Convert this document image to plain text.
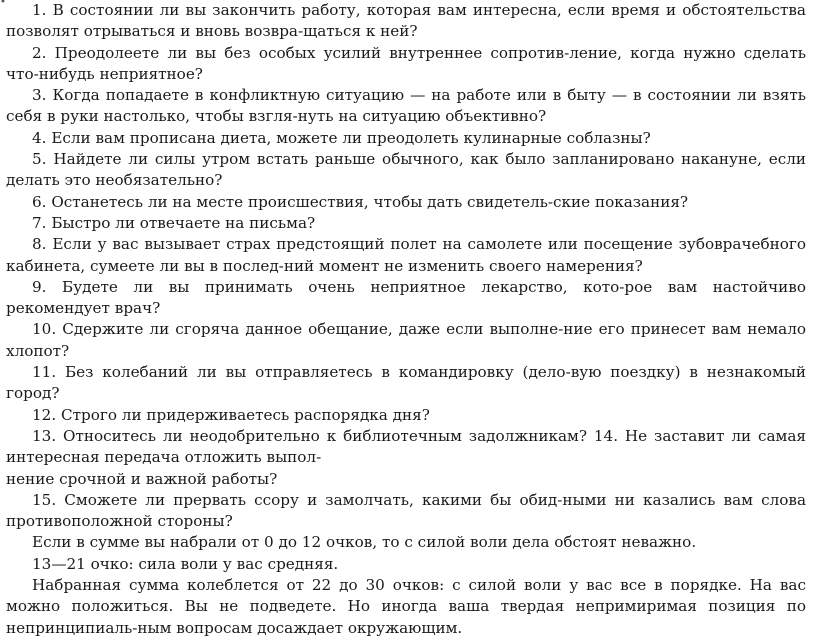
•	1. В состоянии ли вы закончить работу, которая вам интересна, если время и обстоятельства позволят отрываться и вновь возвра-щаться к ней?

2. Преодолеете ли вы без особых усилий внутреннее сопротив-ление, когда нужно сделать что-нибудь неприятное?

3. Когда попадаете в конфликтную ситуацию — на работе или в быту — в состоянии ли взять себя в руки настолько, чтобы взгля-нуть на ситуацию объективно?

4. Если вам прописана диета, можете ли преодолеть кулинарные соблазны?

5. Найдете ли силы утром встать раньше обычного, как было запланировано накануне, если делать это необязательно?

6. Останетесь ли на месте происшествия, чтобы дать свидетель-ские показания?

7. Быстро ли отвечаете на письма?

8. Если у вас вызывает страх предстоящий полет на самолете или посещение зубоврачебного кабинета, сумеете ли вы в послед-ний момент не изменить своего намерения?

9. Будете ли вы принимать очень неприятное лекарство, кото-рое вам настойчиво рекомендует врач?

10. Сдержите ли сгоряча данное обещание, даже если выполне-ние его принесет вам немало хлопот?

11. Без колебаний ли вы отправляетесь в командировку (дело-вую поездку) в незнакомый город?

12. Строго ли придерживаетесь распорядка дня?

13. Относитесь ли неодобрительно к библиотечным задолжникам? 14. Не заставит ли самая интересная передача отложить выпол-

нение срочной и важной работы?

15. Сможете ли прервать ссору и замолчать, какими бы обид-ными ни казались вам слова противоположной стороны?

Если в сумме вы набрали от 0 до 12 очков, то с силой воли дела обстоят неважно.

13—21 очко: сила воли у вас средняя.

Набранная сумма колеблется от 22 до 30 очков: с силой воли у вас все в порядке. На вас можно положиться. Вы не подведете. Но иногда ваша твердая непримиримая позиция по непринципиаль-ным вопросам досаждает окружающим.
